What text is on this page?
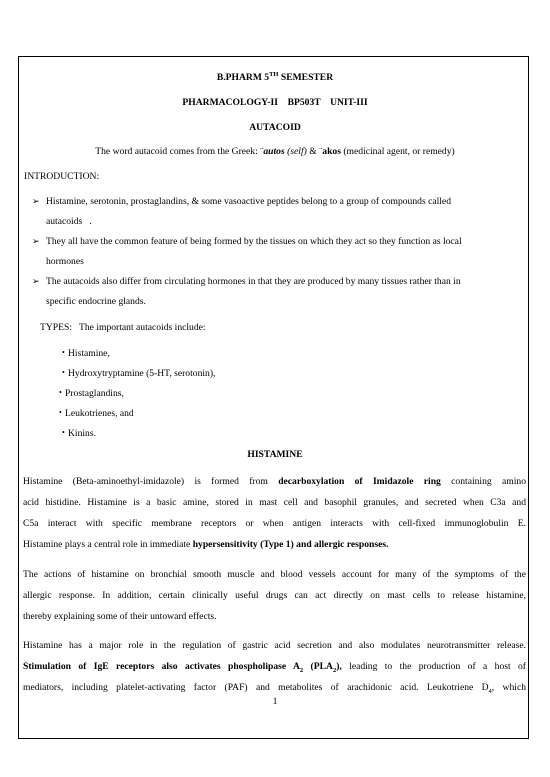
B.PHARM 5TH SEMESTER

PHARMACOLOGY-II    BP503T    UNIT-III

AUTACOID

The word autacoid comes from the Greek: ¨autos (self) & ¨akos (medicinal agent, or remedy)

INTRODUCTION:

➢ Histamine, serotonin, prostaglandins, & some vasoactive peptides belong to a group of compounds called

autacoids   .

➢ They all have the common feature of being formed by the tissues on which they act so they function as local

hormones

➢ The autacoids also differ from circulating hormones in that they are produced by many tissues rather than in

specific endocrine glands.

TYPES:   The important autacoids include:

• Histamine,

• Hydroxytryptamine (5-HT, serotonin),

• Prostaglandins,

• Leukotrienes, and

• Kinins.

HISTAMINE

Histamine (Beta-aminoethyl-imidazole) is formed from decarboxylation of Imidazole ring containing amino

acid histidine. Histamine is a basic amine, stored in mast cell and basophil granules, and secreted when C3a and

C5a interact with specific membrane receptors or when antigen interacts with cell-fixed immunoglobulin E.

Histamine plays a central role in immediate hypersensitivity (Type 1) and allergic responses.

The actions of histamine on bronchial smooth muscle and blood vessels account for many of the symptoms of the

allergic response. In addition, certain clinically useful drugs can act directly on mast cells to release histamine,

thereby explaining some of their untoward effects.

Histamine has a major role in the regulation of gastric acid secretion and also modulates neurotransmitter release.

Stimulation of IgE receptors also activates phospholipase $A_2$ $(PLA_2)$, leading to the production of a host of

mediators, including platelet-activating factor (PAF) and metabolites of arachidonic acid. Leukotriene $D_4$, which

1
